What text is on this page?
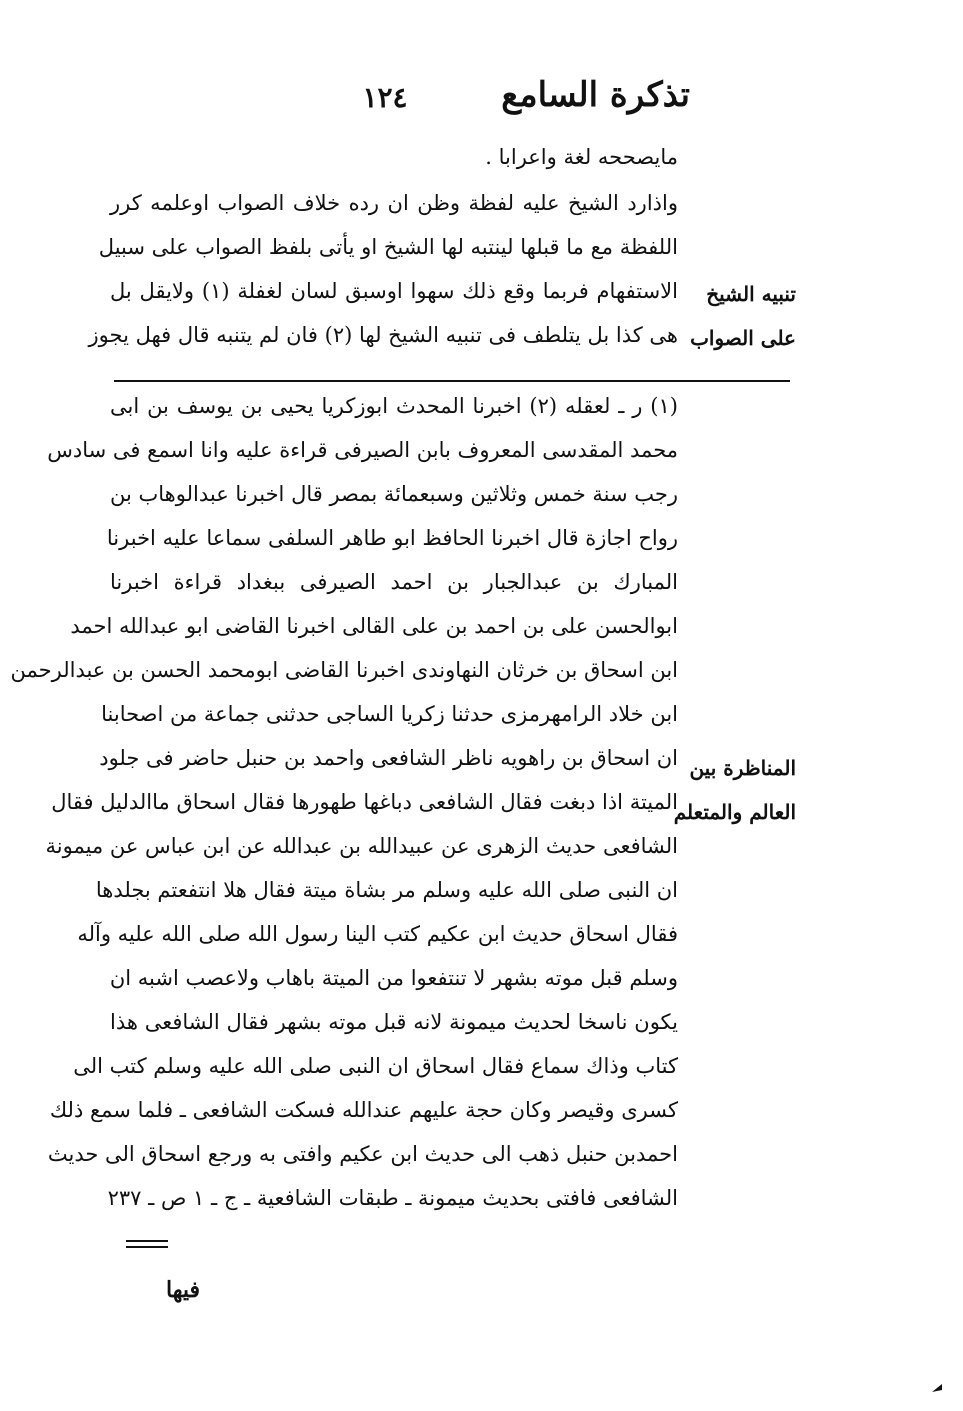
تذكرة السامع
١٢٤
مايصححه لغة واعرابا .
واذارد الشيخ عليه لفظة وظن ان رده خلاف الصواب اوعلمه كرر
اللفظة مع ما قبلها لينتبه لها الشيخ او يأتى بلفظ الصواب على سبيل
الاستفهام فربما وقع ذلك سهوا اوسبق لسان لغفلة (١) ولايقل بل
هى كذا بل يتلطف فى تنبيه الشيخ لها (٢) فان لم يتنبه قال فهل يجوز
تنبيه الشيخ
على الصواب
المناظرة بين
العالم والمتعلم
(١) ر ـ لعقله (٢) اخبرنا المحدث ابوزكريا يحيى بن يوسف بن ابى
محمد المقدسى المعروف بابن الصيرفى قراءة عليه وانا اسمع فى سادس
رجب سنة خمس وثلاثين وسبعمائة بمصر قال اخبرنا عبدالوهاب بن
رواح اجازة قال اخبرنا الحافظ ابو طاهر السلفى سماعا عليه اخبرنا
المبارك بن عبدالجبار بن احمد الصيرفى ببغداد قراءة اخبرنا
ابوالحسن على بن احمد بن على القالى اخبرنا القاضى ابو عبدالله احمد
ابن اسحاق بن خرثان النهاوندى اخبرنا القاضى ابومحمد الحسن بن عبدالرحمن
ابن خلاد الرامهرمزى حدثنا زكريا الساجى حدثنى جماعة من اصحابنا
ان اسحاق بن راهويه ناظر الشافعى واحمد بن حنبل حاضر فى جلود
الميتة اذا دبغت فقال الشافعى دباغها طهورها فقال اسحاق ماالدليل فقال
الشافعى حديث الزهرى عن عبيدالله بن عبدالله عن ابن عباس عن ميمونة
ان النبى صلى الله عليه وسلم مر بشاة ميتة فقال هلا انتفعتم بجلدها
فقال اسحاق حديث ابن عكيم كتب الينا رسول الله صلى الله عليه وآله
وسلم قبل موته بشهر لا تنتفعوا من الميتة باهاب ولاعصب اشبه ان
يكون ناسخا لحديث ميمونة لانه قبل موته بشهر فقال الشافعى هذا
كتاب وذاك سماع فقال اسحاق ان النبى صلى الله عليه وسلم كتب الى
كسرى وقيصر وكان حجة عليهم عندالله فسكت الشافعى ـ فلما سمع ذلك
احمدبن حنبل ذهب الى حديث ابن عكيم وافتى به ورجع اسحاق الى حديث
الشافعى فافتى بحديث ميمونة ـ طبقات الشافعية ـ ج ـ ١ ص ـ ٢٣٧
فيها
